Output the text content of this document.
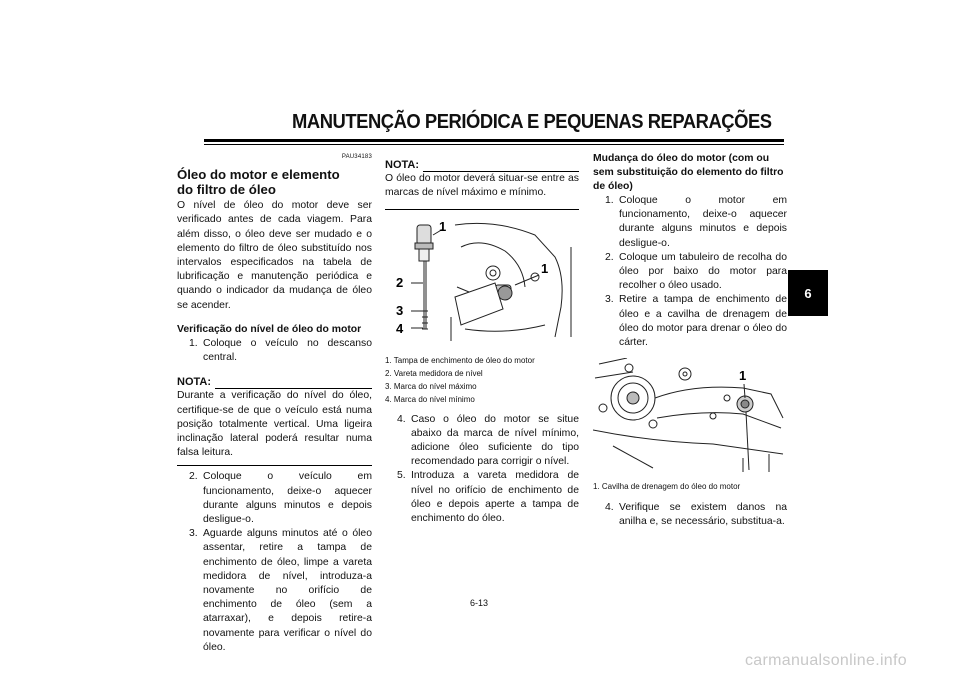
MANUTENÇÃO PERIÓDICA E PEQUENAS REPARAÇÕES
6
PAU34183
Óleo do motor e elemento do filtro de óleo
O nível de óleo do motor deve ser verificado antes de cada viagem. Para além disso, o óleo deve ser mudado e o elemento do filtro de óleo substituído nos intervalos especificados na tabela de lubrificação e manutenção periódica e quando o indicador da mudança de óleo se acender.
Verificação do nível de óleo do motor
1. Coloque o veículo no descanso central.
NOTA:
Durante a verificação do nível do óleo, certifique-se de que o veículo está numa posição totalmente vertical. Uma ligeira inclinação lateral poderá resultar numa falsa leitura.
2. Coloque o veículo em funcionamento, deixe-o aquecer durante alguns minutos e depois desligue-o.
3. Aguarde alguns minutos até o óleo assentar, retire a tampa de enchimento de óleo, limpe a vareta medidora de nível, introduza-a novamente no orifício de enchimento de óleo (sem a atarraxar), e depois retire-a novamente para verificar o nível do óleo.
NOTA:
O óleo do motor deverá situar-se entre as marcas de nível máximo e mínimo.
1
2
3
4
1
1. Tampa de enchimento de óleo do motor
2. Vareta medidora de nível
3. Marca do nível máximo
4. Marca do nível mínimo
4. Caso o óleo do motor se situe abaixo da marca de nível mínimo, adicione óleo suficiente do tipo recomendado para corrigir o nível.
5. Introduza a vareta medidora de nível no orifício de enchimento de óleo e depois aperte a tampa de enchimento do óleo.
Mudança do óleo do motor (com ou sem substituição do elemento do filtro de óleo)
1. Coloque o motor em funcionamento, deixe-o aquecer durante alguns minutos e depois desligue-o.
2. Coloque um tabuleiro de recolha do óleo por baixo do motor para recolher o óleo usado.
3. Retire a tampa de enchimento de óleo e a cavilha de drenagem de óleo do motor para drenar o óleo do cárter.
1
1. Cavilha de drenagem do óleo do motor
4. Verifique se existem danos na anilha e, se necessário, substitua-a.
6-13
carmanualsonline.info
